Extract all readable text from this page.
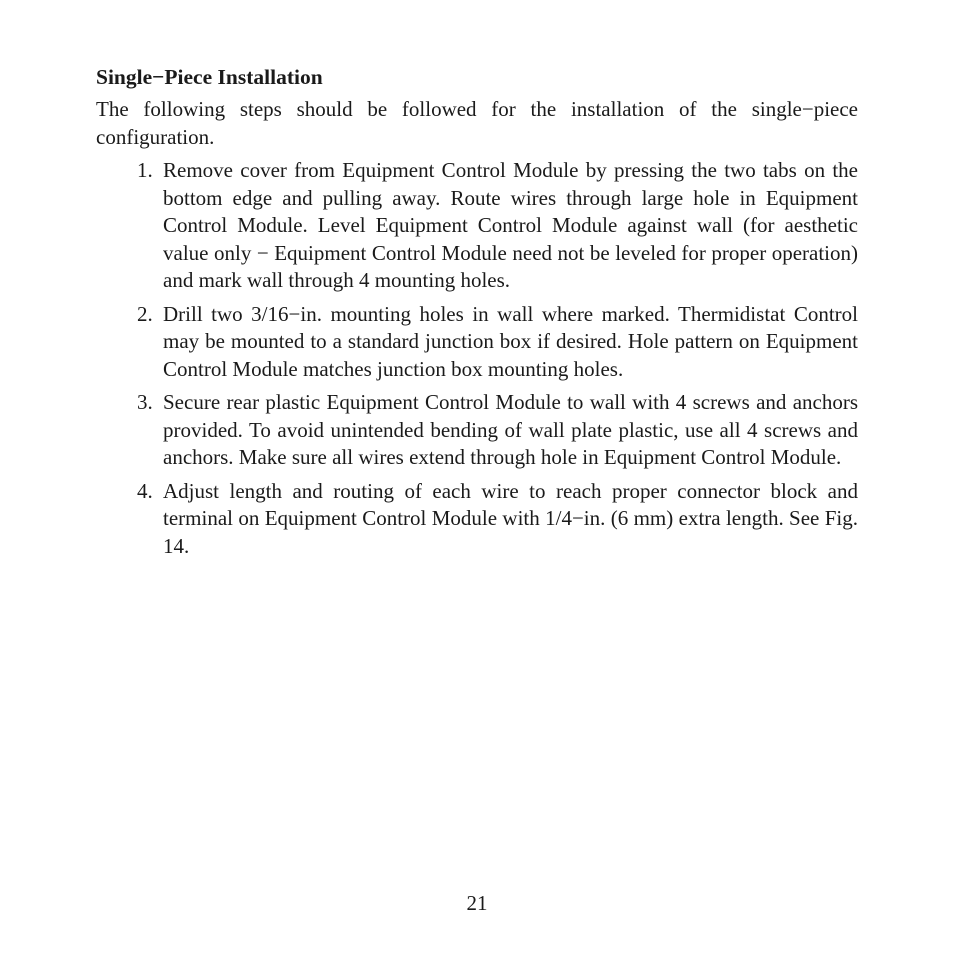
Single−Piece Installation
The following steps should be followed for the installation of the single−piece configuration.
1. Remove cover from Equipment Control Module by pressing the two tabs on the bottom edge and pulling away. Route wires through large hole in Equipment Control Module. Level Equipment Control Module against wall (for aesthetic value only − Equipment Control Module need not be leveled for proper operation) and mark wall through 4 mounting holes.
2. Drill two 3/16−in. mounting holes in wall where marked. Thermidistat Control may be mounted to a standard junction box if desired. Hole pattern on Equipment Control Module matches junction box mounting holes.
3. Secure rear plastic Equipment Control Module to wall with 4 screws and anchors provided. To avoid unintended bending of wall plate plastic, use all 4 screws and anchors. Make sure all wires extend through hole in Equipment Control Module.
4. Adjust length and routing of each wire to reach proper connector block and terminal on Equipment Control Module with 1/4−in. (6 mm) extra length. See Fig. 14.
21
